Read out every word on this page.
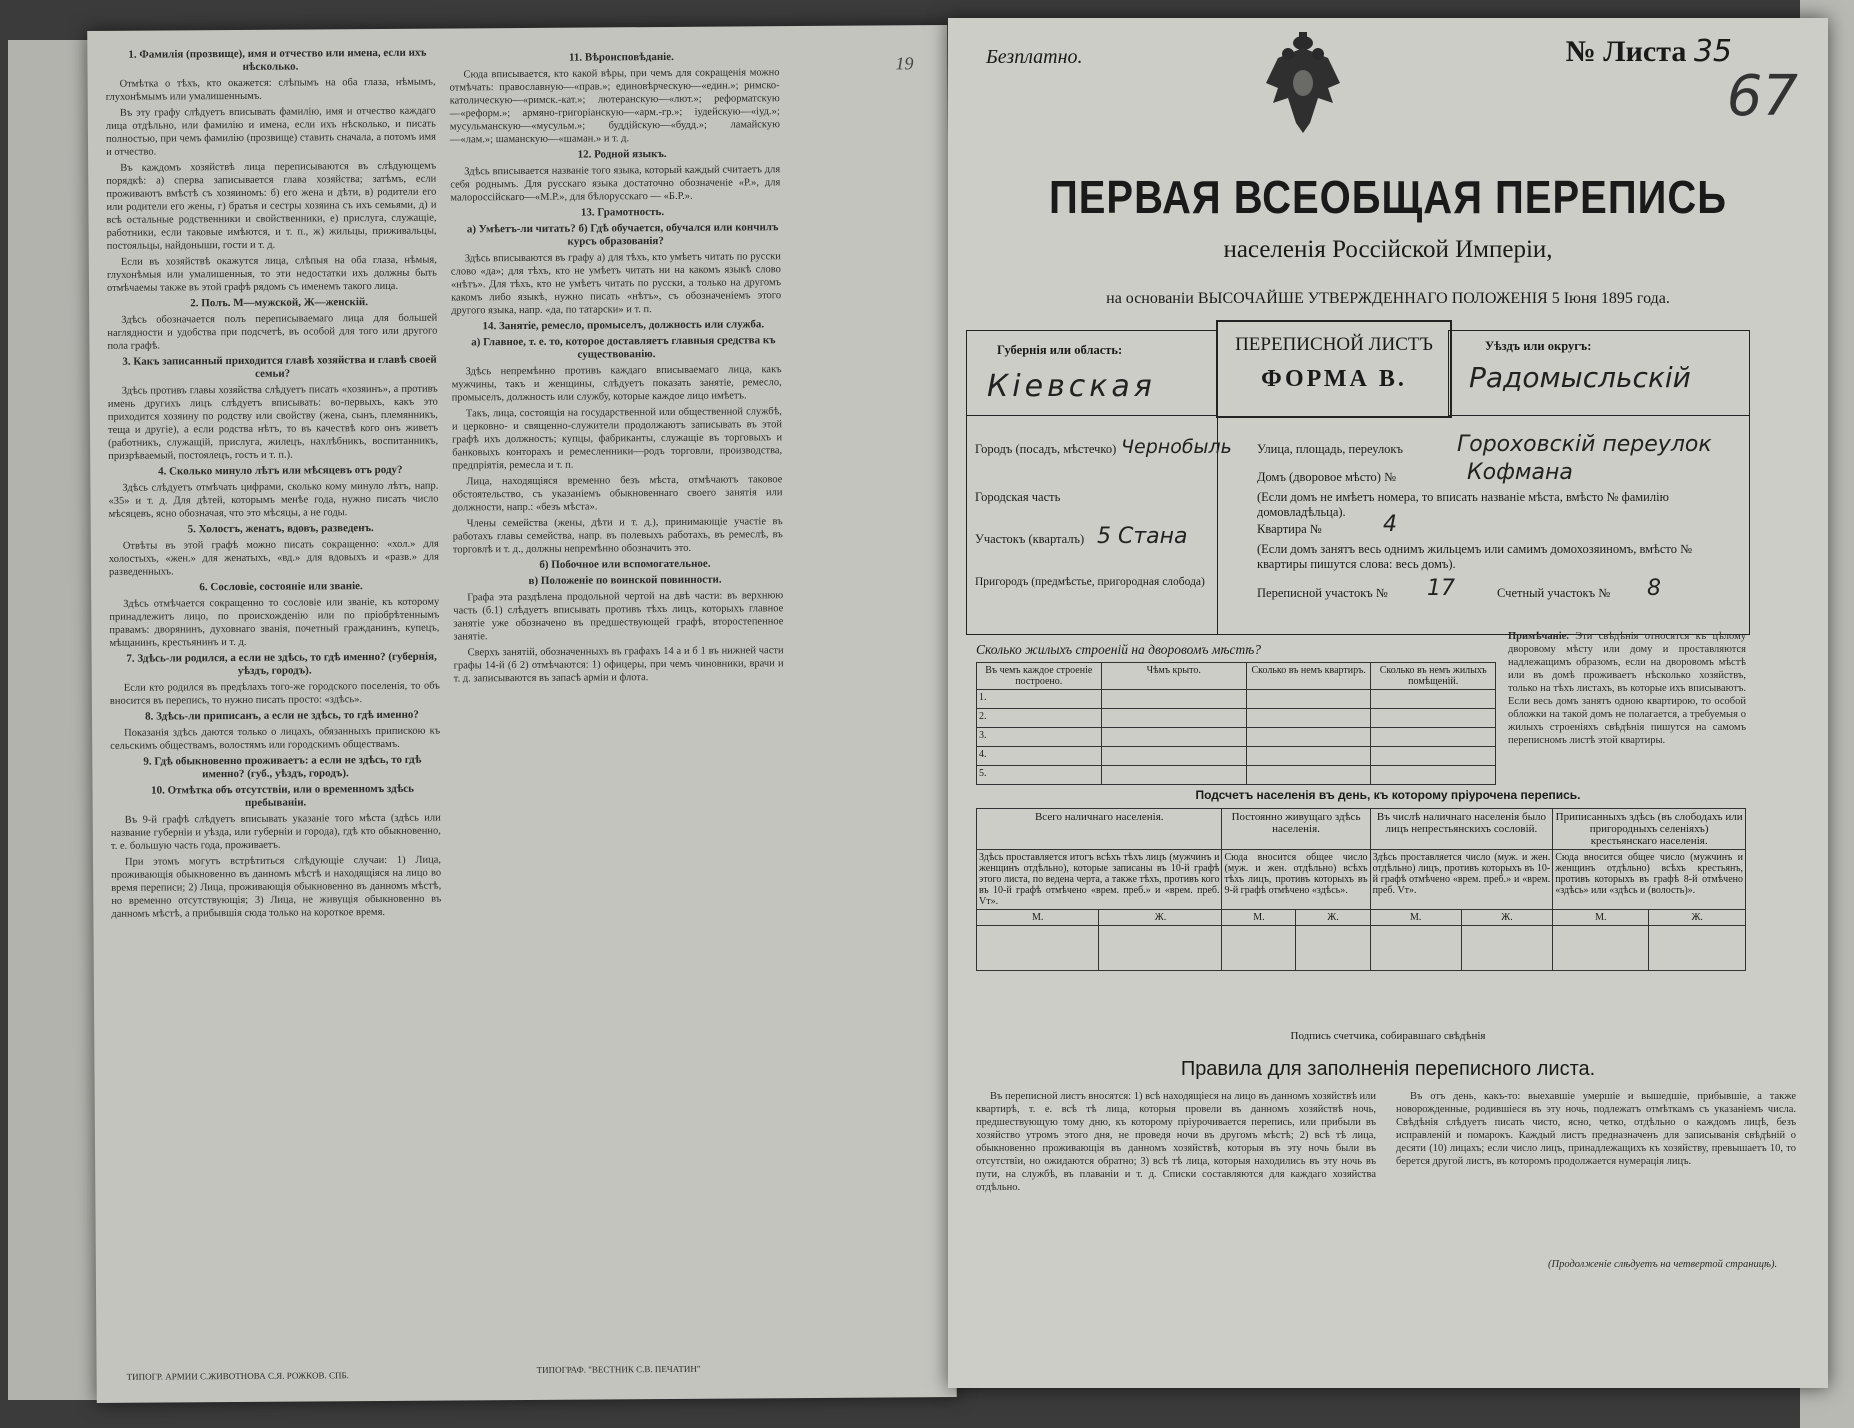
1. Фамилія (прозвище), имя и отчество или имена, если ихъ нѣсколько.

Отмѣтка о тѣхъ, кто окажется: слѣпымъ на оба глаза, нѣмымъ, глухонѣмымъ или умалишеннымъ.

Въ эту графу слѣдуетъ вписывать фамилію, имя и отчество каждаго лица отдѣльно, или фамилію и имена, если ихъ нѣсколько, и писать полностью, при чемъ фамилію (прозвище) ставить сначала, а потомъ имя и отчество.

Въ каждомъ хозяйствѣ лица переписываются въ слѣдующемъ порядкѣ: а) сперва записывается глава хозяйства; затѣмъ, если проживаютъ вмѣстѣ съ хозяиномъ: б) его жена и дѣти, в) родители его или родители его жены, г) братья и сестры хозяина съ ихъ семьями, д) и всѣ остальные родственники и свойственники, е) прислуга, служащіе, работники, если таковые имѣются, и т. п., ж) жильцы, приживальцы, постояльцы, найдоныши, гости и т. д.

Если въ хозяйствѣ окажутся лица, слѣпыя на оба глаза, нѣмыя, глухонѣмыя или умалишенныя, то эти недостатки ихъ должны быть отмѣчаемы также въ этой графѣ рядомъ съ именемъ такого лица.

2. Полъ. М—мужской, Ж—женскій.

Здѣсь обозначается полъ переписываемаго лица для большей наглядности и удобства при подсчетѣ, въ особой для того или другого пола графѣ.

3. Какъ записанный приходится главѣ хозяйства и главѣ своей семьи?

Здѣсь противъ главы хозяйства слѣдуетъ писать «хозяинъ», а противъ имень другихъ лицъ слѣдуетъ вписывать: во-первыхъ, какъ это приходится хозяину по родству или свойству (жена, сынъ, племянникъ, теща и другіе), а если родства нѣтъ, то въ качествѣ кого онъ живетъ (работникъ, служащій, прислуга, жилецъ, нахлѣбникъ, воспитанникъ, призрѣваемый, постоялецъ, гость и т. п.).

4. Сколько минуло лѣтъ или мѣсяцевъ отъ роду?

Здѣсь слѣдуетъ отмѣчать цифрами, сколько кому минуло лѣтъ, напр. «35» и т. д. Для дѣтей, которымъ менѣе года, нужно писать число мѣсяцевъ, ясно обозначая, что это мѣсяцы, а не годы.

5. Холостъ, женатъ, вдовъ, разведенъ.

Отвѣты въ этой графѣ можно писать сокращенно: «хол.» для холостыхъ, «жен.» для женатыхъ, «вд.» для вдовыхъ и «разв.» для разведенныхъ.

6. Сословіе, состояніе или званіе.

Здѣсь отмѣчается сокращенно то сословіе или званіе, къ которому принадлежитъ лицо, по происхожденію или по пріобрѣтеннымъ правамъ: дворянинъ, духовнаго званія, почетный гражданинъ, купецъ, мѣщанинъ, крестьянинъ и т. д.

7. Здѣсь-ли родился, а если не здѣсь, то гдѣ именно? (губернія, уѣздъ, городъ).

Если кто родился въ предѣлахъ того-же городского поселенія, то объ вносится въ перепись, то нужно писать просто: «здѣсь».

8. Здѣсь-ли приписанъ, а если не здѣсь, то гдѣ именно?

Показанія здѣсь даются только о лицахъ, обязанныхъ припискою къ сельскимъ обществамъ, волостямъ или городскимъ обществамъ.

9. Гдѣ обыкновенно проживаетъ: а если не здѣсь, то гдѣ именно? (губ., уѣздъ, городъ).

10. Отмѣтка объ отсутствіи, или о временномъ здѣсь пребываніи.

Въ 9-й графѣ слѣдуетъ вписывать указаніе того мѣста (здѣсь или название губерніи и уѣзда, или губерніи и города), гдѣ кто обыкновенно, т. е. большую часть года, проживаетъ.

При этомъ могутъ встрѣтиться слѣдующіе случаи: 1) Лица, проживающія обыкновенно въ данномъ мѣстѣ и находящіяся на лицо во время переписи; 2) Лица, проживающія обыкновенно въ данномъ мѣстѣ, но временно отсутствующія; 3) Лица, не живущія обыкновенно въ данномъ мѣстѣ, а прибывшія сюда только на короткое время.

11. Вѣроисповѣданіе.

Сюда вписывается, кто какой вѣры, при чемъ для сокращенія можно отмѣчать: православную—«прав.»; единовѣрческую—«един.»; римско-католическую—«римск.-кат.»; лютеранскую—«лют.»; реформатскую—«реформ.»; армяно-григоріанскую—«арм.-гр.»; іудейскую—«іуд.»; мусульманскую—«мусульм.»; буддійскую—«будд.»; ламайскую—«лам.»; шаманскую—«шаман.» и т. д.

12. Родной языкъ.

Здѣсь вписывается названіе того языка, который каждый считаетъ для себя роднымъ. Для русскаго языка достаточно обозначеніе «Р.», для малороссійскаго—«М.Р.», для бѣлорусскаго — «Б.Р.».

13. Грамотность.

а) Умѣетъ-ли читать? б) Гдѣ обучается, обучался или кончилъ курсъ образованія?

Здѣсь вписываются въ графу а) для тѣхъ, кто умѣетъ читать по русски слово «да»; для тѣхъ, кто не умѣетъ читать ни на какомъ языкѣ слово «нѣтъ». Для тѣхъ, кто не умѣетъ читать по русски, а только на другомъ какомъ либо языкѣ, нужно писать «нѣтъ», съ обозначеніемъ этого другого языка, напр. «да, по татарски» и т. п.

14. Занятіе, ремесло, промыселъ, должность или служба.

а) Главное, т. е. то, которое доставляетъ главныя средства къ существованію.

Здѣсь непремѣнно противъ каждаго вписываемаго лица, какъ мужчины, такъ и женщины, слѣдуетъ показать занятіе, ремесло, промыселъ, должность или службу, которые каждое лицо имѣетъ.

Такъ, лица, состоящія на государственной или общественной службѣ, и церковно- и священно-служители продолжаютъ записывать въ этой графѣ ихъ должность; купцы, фабриканты, служащіе въ торговыхъ и банковыхъ конторахъ и ремесленники—родъ торговли, производства, предпріятія, ремесла и т. п.

Лица, находящіяся временно безъ мѣста, отмѣчаютъ таковое обстоятельство, съ указаніемъ обыкновеннаго своего занятія или должности, напр.: «безъ мѣста».

Члены семейства (жены, дѣти и т. д.), принимающіе участіе въ работахъ главы семейства, напр. въ полевыхъ работахъ, въ ремеслѣ, въ торговлѣ и т. д., должны непремѣнно обозначить это.

б) Побочное или вспомогательное.

в) Положеніе по воинской повинности.

Графа эта раздѣлена продольной чертой на двѣ части: въ верхнюю часть (б.1) слѣдуетъ вписывать противъ тѣхъ лицъ, которыхъ главное занятіе уже обозначено въ предшествующей графѣ, второстепенное занятіе.

Сверхъ занятій, обозначенныхъ въ графахъ 14 а и б 1 въ нижней части графы 14-й (б 2) отмѣчаются: 1) офицеры, при чемъ чиновники, врачи и т. д. записываются въ запасѣ арміи и флота.

ТИПОГР. АРМИИ С.ЖИВОТНОВА С.Я. РОЖКОВ. СПБ.
ТИПОГРАФ. "ВЕСТНИК С.В. ПЕЧАТИН"
19	Безплатно.	№ Листа 35
67
ПЕРВАЯ ВСЕОБЩАЯ ПЕРЕПИСЬ
населенія Россійской Имперіи,
на основаніи ВЫСОЧАЙШЕ УТВЕРЖДЕННАГО ПОЛОЖЕНІЯ 5 Іюня 1895 года.
Губернія или область:
Кіевская
ПЕРЕПИСНОЙ ЛИСТЪ
ФОРМА В.
Уѣздъ или округъ:
Радомысльскій
Городъ (посадъ, мѣстечко) Чернобыль
Городская часть
Участокъ (кварталъ) 5 Стана
Пригородъ (предмѣстье, пригородная слобода)
Улица, площадь, переулокъ Гороховскій переулок
Домъ (дворовое мѣсто) №	Кофмана
(Если домъ не имѣетъ номера, то вписать названіе мѣста, вмѣсто № фамилію домовладѣльца).
Квартира №	4
(Если домъ занятъ весь однимъ жильцемъ или самимъ домохозяиномъ, вмѣсто № квартиры пишутся слова: весь домъ).
Переписной участокъ № 17	Счетный участокъ № 8
Сколько жилыхъ строеній на дворовомъ мѣстѣ?
Въ чемъ каждое строеніе построено.	Чѣмъ крыто.	Сколько въ немъ квартиръ.	Сколько въ немъ жилыхъ помѣщеній.
1.			
2.			
3.			
4.			
5.			
Примѣчаніе. Эти свѣдѣнія относятся къ цѣлому дворовому мѣсту или дому и проставляются надлежащимъ образомъ, если на дворовомъ мѣстѣ или въ домѣ проживаетъ нѣсколько хозяйствъ, только на тѣхъ листахъ, въ которые ихъ вписываютъ. Если весь домъ занятъ одною квартирою, то особой обложки на такой домъ не полагается, а требуемыя о жилыхъ строеніяхъ свѣдѣнія пишутся на самомъ переписномъ листѣ этой квартиры.
Подсчетъ населенія въ день, къ которому пріурочена перепись.
Всего наличнаго населенія.		Постоянно живущаго здѣсь населенія.		Въ числѣ наличнаго населенія было лицъ непрестьянскихъ сословій.		Приписанныхъ здѣсь (въ слободахъ или пригородныхъ селеніяхъ) крестьянскаго населенія.	
Здѣсь проставляется итогъ всѣхъ тѣхъ лицъ (мужчинъ и женщинъ отдѣльно), которые записаны въ 10-й графѣ этого листа, по ведена черта, а также тѣхъ, противъ кого въ 10-й графѣ отмѣчено «врем. преб.» и «врем. преб. Vт».		Сюда вносится общее число (муж. и жен. отдѣльно) всѣхъ тѣхъ лицъ, противъ которыхъ въ 9-й графѣ отмѣчено «здѣсь».		Здѣсь проставляется число (муж. и жен. отдѣльно) лицъ, противъ которыхъ въ 10-й графѣ отмѣчено «врем. преб.» и «врем. преб. Vт».		Сюда вносится общее число (мужчинъ и женщинъ отдѣльно) всѣхъ крестьянъ, противъ которыхъ въ графѣ 8-й отмѣчено «здѣсь» или «здѣсь и (волость)».	
М.	Ж.	М.	Ж.	М.	Ж.	М.	Ж.

Подпись счетчика, собиравшаго свѣдѣнія
Правила для заполненія переписного листа.
Въ переписной листъ вносятся: 1) всѣ находящіеся на лицо въ данномъ хозяйствѣ или квартирѣ, т. е. всѣ тѣ лица, которыя провели въ данномъ хозяйствѣ ночь, предшествующую тому дню, къ которому пріурочивается перепись, или прибыли въ хозяйство утромъ этого дня, не проведя ночи въ другомъ мѣстѣ; 2) всѣ тѣ лица, обыкновенно проживающія въ данномъ хозяйствѣ, которыя въ эту ночь были въ отсутствіи, но ожидаются обратно; 3) всѣ тѣ лица, которыя находились въ эту ночь въ пути, на службѣ, въ плаваніи и т. д. Списки составляются для каждаго хозяйства отдѣльно.
Въ отъ день, какъ-то: выехавшіе умершіе и вышедшіе, прибывшіе, а также новорожденные, родившіеся въ эту ночь, подлежатъ отмѣткамъ съ указаніемъ числа. Свѣдѣнія слѣдуетъ писать чисто, ясно, четко, отдѣльно о каждомъ лицѣ, безъ исправленій и помарокъ. Каждый листъ предназначенъ для записыванія свѣдѣній о десяти (10) лицахъ; если число лицъ, принадлежащихъ къ хозяйству, превышаетъ 10, то берется другой листъ, въ которомъ продолжается нумерація лицъ.
(Продолженіе слѣдуетъ на четвертой страницѣ).
